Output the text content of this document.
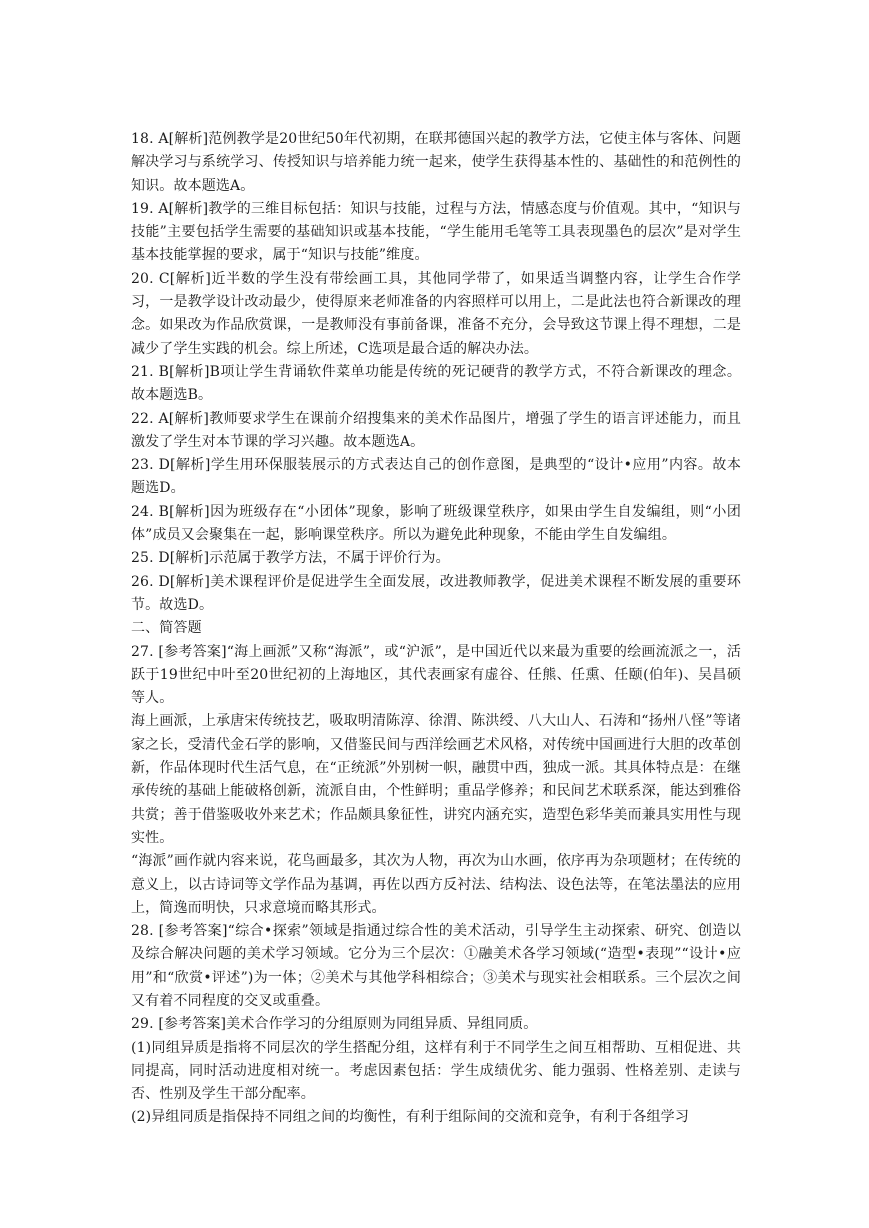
18. A[解析]范例教学是20世纪50年代初期，在联邦德国兴起的教学方法，它使主体与客体、问题解决学习与系统学习、传授知识与培养能力统一起来，使学生获得基本性的、基础性的和范例性的知识。故本题选A。

19. A[解析]教学的三维目标包括：知识与技能，过程与方法，情感态度与价值观。其中，“知识与技能”主要包括学生需要的基础知识或基本技能，“学生能用毛笔等工具表现墨色的层次”是对学生基本技能掌握的要求，属于“知识与技能”维度。

20. C[解析]近半数的学生没有带绘画工具，其他同学带了，如果适当调整内容，让学生合作学习，一是教学设计改动最少，使得原来老师准备的内容照样可以用上，二是此法也符合新课改的理念。如果改为作品欣赏课，一是教师没有事前备课，准备不充分，会导致这节课上得不理想，二是减少了学生实践的机会。综上所述，C选项是最合适的解决办法。

21. B[解析]B项让学生背诵软件菜单功能是传统的死记硬背的教学方式，不符合新课改的理念。故本题选B。

22. A[解析]教师要求学生在课前介绍搜集来的美术作品图片，增强了学生的语言评述能力，而且激发了学生对本节课的学习兴趣。故本题选A。

23. D[解析]学生用环保服装展示的方式表达自己的创作意图，是典型的“设计•应用”内容。故本题选D。

24. B[解析]因为班级存在“小团体”现象，影响了班级课堂秩序，如果由学生自发编组，则“小团体”成员又会聚集在一起，影响课堂秩序。所以为避免此种现象，不能由学生自发编组。

25. D[解析]示范属于教学方法，不属于评价行为。

26. D[解析]美术课程评价是促进学生全面发展，改进教师教学，促进美术课程不断发展的重要环节。故选D。

二、简答题

27. [参考答案]“海上画派”又称“海派”，或“沪派”，是中国近代以来最为重要的绘画流派之一，活跃于19世纪中叶至20世纪初的上海地区，其代表画家有虚谷、任熊、任熏、任颐(伯年)、吴昌硕等人。

海上画派，上承唐宋传统技艺，吸取明清陈淳、徐渭、陈洪绶、八大山人、石涛和“扬州八怪”等诸家之长，受清代金石学的影响，又借鉴民间与西洋绘画艺术风格，对传统中国画进行大胆的改革创新，作品体现时代生活气息，在“正统派”外别树一帜，融贯中西，独成一派。其具体特点是：在继承传统的基础上能破格创新，流派自由，个性鲜明；重品学修养；和民间艺术联系深，能达到雅俗共赏；善于借鉴吸收外来艺术；作品颇具象征性，讲究内涵充实，造型色彩华美而兼具实用性与现实性。

“海派”画作就内容来说，花鸟画最多，其次为人物，再次为山水画，依序再为杂项题材；在传统的意义上，以古诗词等文学作品为基调，再佐以西方反衬法、结构法、设色法等，在笔法墨法的应用上，简逸而明快，只求意境而略其形式。

28. [参考答案]“综合•探索”领域是指通过综合性的美术活动，引导学生主动探索、研究、创造以及综合解决问题的美术学习领域。它分为三个层次：①融美术各学习领域(“造型•表现”“设计•应用”和“欣赏•评述”)为一体；②美术与其他学科相综合；③美术与现实社会相联系。三个层次之间又有着不同程度的交叉或重叠。

29. [参考答案]美术合作学习的分组原则为同组异质、异组同质。

(1)同组异质是指将不同层次的学生搭配分组，这样有利于不同学生之间互相帮助、互相促进、共同提高，同时活动进度相对统一。考虑因素包括：学生成绩优劣、能力强弱、性格差别、走读与否、性别及学生干部分配率。

(2)异组同质是指保持不同组之间的均衡性，有利于组际间的交流和竞争，有利于各组学习
